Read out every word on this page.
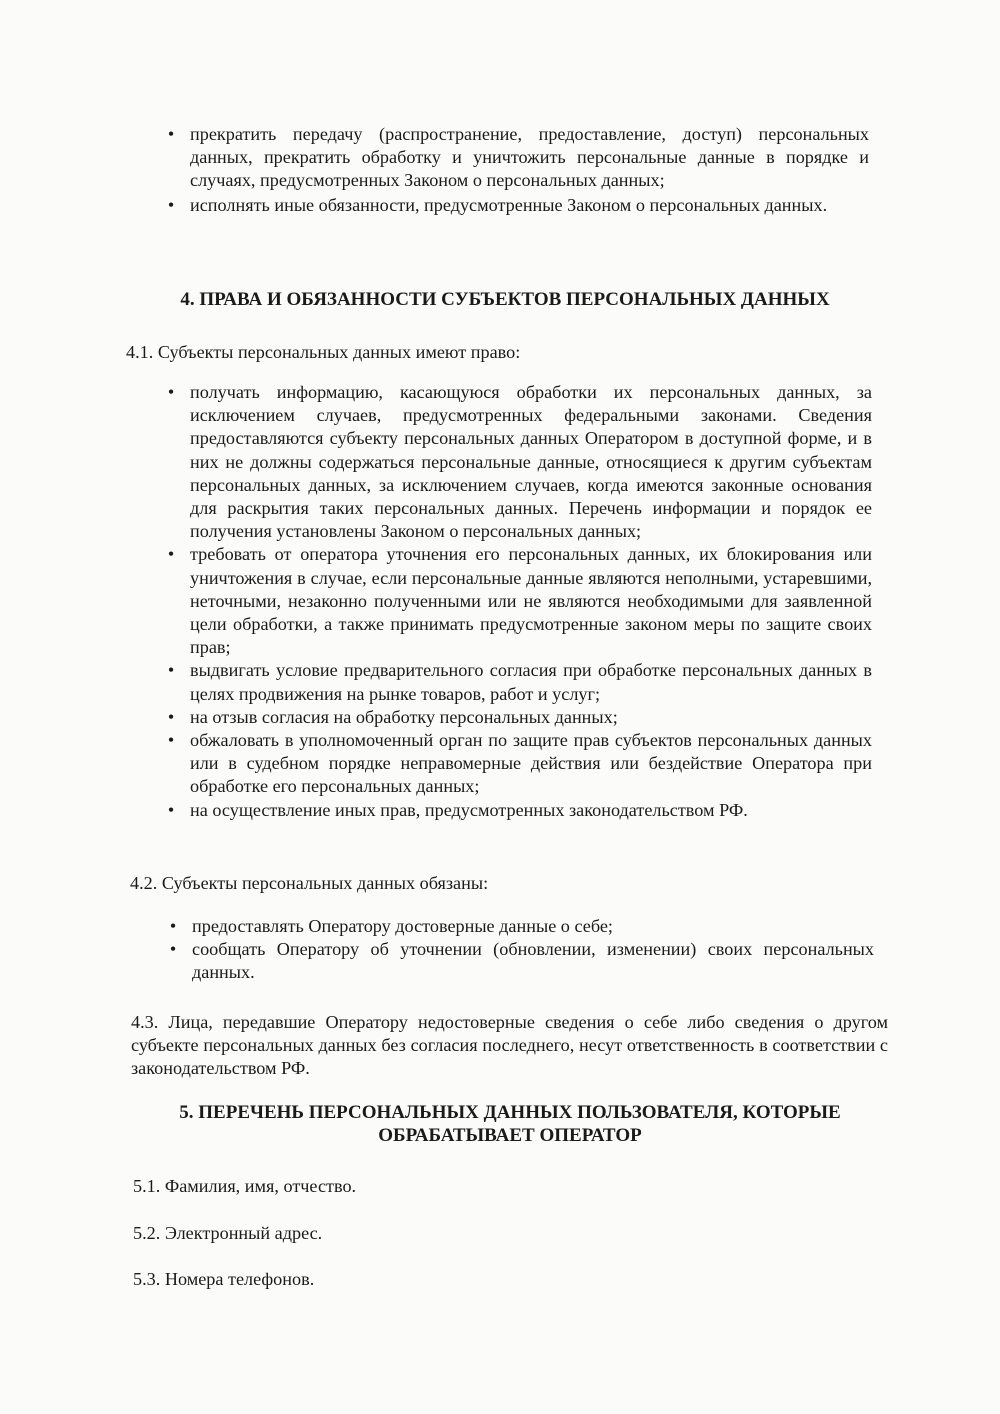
• прекратить передачу (распространение, предоставление, доступ) персональных данных, прекратить обработку и уничтожить персональные данные в порядке и случаях, предусмотренных Законом о персональных данных;
• исполнять иные обязанности, предусмотренные Законом о персональных данных.
4. ПРАВА И ОБЯЗАННОСТИ СУБЪЕКТОВ ПЕРСОНАЛЬНЫХ ДАННЫХ
4.1. Субъекты персональных данных имеют право:
• получать информацию, касающуюся обработки их персональных данных, за исключением случаев, предусмотренных федеральными законами. Сведения предоставляются субъекту персональных данных Оператором в доступной форме, и в них не должны содержаться персональные данные, относящиеся к другим субъектам персональных данных, за исключением случаев, когда имеются законные основания для раскрытия таких персональных данных. Перечень информации и порядок ее получения установлены Законом о персональных данных;
• требовать от оператора уточнения его персональных данных, их блокирования или уничтожения в случае, если персональные данные являются неполными, устаревшими, неточными, незаконно полученными или не являются необходимыми для заявленной цели обработки, а также принимать предусмотренные законом меры по защите своих прав;
• выдвигать условие предварительного согласия при обработке персональных данных в целях продвижения на рынке товаров, работ и услуг;
• на отзыв согласия на обработку персональных данных;
• обжаловать в уполномоченный орган по защите прав субъектов персональных данных или в судебном порядке неправомерные действия или бездействие Оператора при обработке его персональных данных;
• на осуществление иных прав, предусмотренных законодательством РФ.
4.2. Субъекты персональных данных обязаны:
• предоставлять Оператору достоверные данные о себе;
• сообщать Оператору об уточнении (обновлении, изменении) своих персональных данных.
4.3. Лица, передавшие Оператору недостоверные сведения о себе либо сведения о другом субъекте персональных данных без согласия последнего, несут ответственность в соответствии с законодательством РФ.
5. ПЕРЕЧЕНЬ ПЕРСОНАЛЬНЫХ ДАННЫХ ПОЛЬЗОВАТЕЛЯ, КОТОРЫЕ
ОБРАБАТЫВАЕТ ОПЕРАТОР
5.1. Фамилия, имя, отчество.
5.2. Электронный адрес.
5.3. Номера телефонов.
